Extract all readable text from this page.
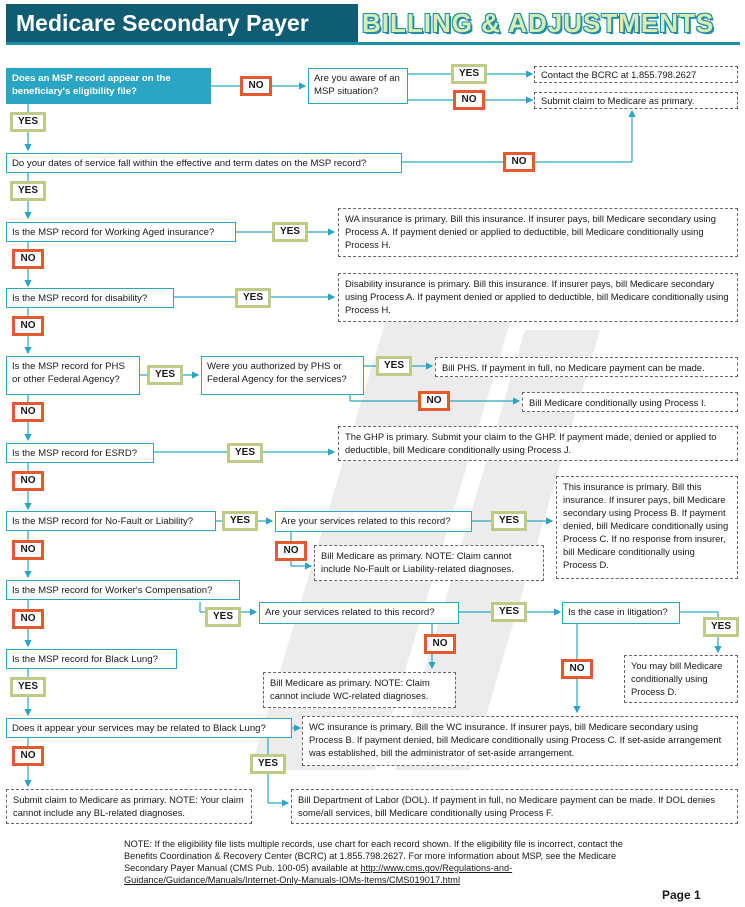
Medicare Secondary Payer	BILLING & ADJUSTMENTS
Does an MSP record appear on the beneficiary's eligibility file?
Are you aware of an MSP situation?
Do your dates of service fall within the effective and term dates on the MSP record?
Is the MSP record for Working Aged insurance?
Is the MSP record for disability?
Is the MSP record for PHS or other Federal Agency?
Were you authorized by PHS or Federal Agency for the services?
Is the MSP record for ESRD?
Is the MSP record for No-Fault or Liability?	Are your services related to this record?
Is the MSP record for Worker's Compensation?
Are your services related to this record?	Is the case in litigation?
Is the MSP record for Black Lung?
Does it appear your services may be related to Black Lung?
Contact the BCRC at 1.855.798.2627
Submit claim to Medicare as primary.
WA insurance is primary. Bill this insurance. If insurer pays, bill Medicare secondary using Process A. If payment denied or applied to deductible, bill Medicare conditionally using Process H.
Disability insurance is primary. Bill this insurance. If insurer pays, bill Medicare secondary using Process A. If payment denied or applied to deductible, bill Medicare conditionally using Process H.
Bill PHS. If payment in full, no Medicare payment can be made.
Bill Medicare conditionally using Process I.
The GHP is primary. Submit your claim to the GHP. If payment made, denied or applied to deductible, bill Medicare conditionally using Process J.
This insurance is primary. Bill this insurance. If insurer pays, bill Medicare secondary using Process B. If payment denied, bill Medicare conditionally using Process C. If no response from insurer, bill Medicare conditionally using Process D.
Bill Medicare as primary. NOTE: Claim cannot include No-Fault or Liability-related diagnoses.
Bill Medicare as primary. NOTE: Claim cannot include WC-related diagnoses.
You may bill Medicare conditionally using Process D.
WC insurance is primary. Bill the WC insurance. If insurer pays, bill Medicare secondary using Process B. If payment denied, bill Medicare conditionally using Process C. If set-aside arrangement was established, bill the administrator of set-aside arrangement.
Submit claim to Medicare as primary. NOTE: Your claim cannot include any BL-related diagnoses.
Bill Department of Labor (DOL). If payment in full, no Medicare payment can be made. If DOL denies some/all services, bill Medicare conditionally using Process F.
NO
YES
NO
YES
NO
YES
YES
NO
YES
NO
YES
YES
NO
NO
YES
NO
YES	YES
NO
NO
YES	YES
NO
NO
YES
NO
YES
NO
YES
NOTE: If the eligibility file lists multiple records, use chart for each record shown. If the eligibility file is incorrect, contact the Benefits Coordination & Recovery Center (BCRC) at 1.855.798.2627. For more information about MSP, see the Medicare Secondary Payer Manual (CMS Pub. 100-05) available at http://www.cms.gov/Regulations-and-Guidance/Guidance/Manuals/Internet-Only-Manuals-IOMs-Items/CMS019017.html
Page 1
